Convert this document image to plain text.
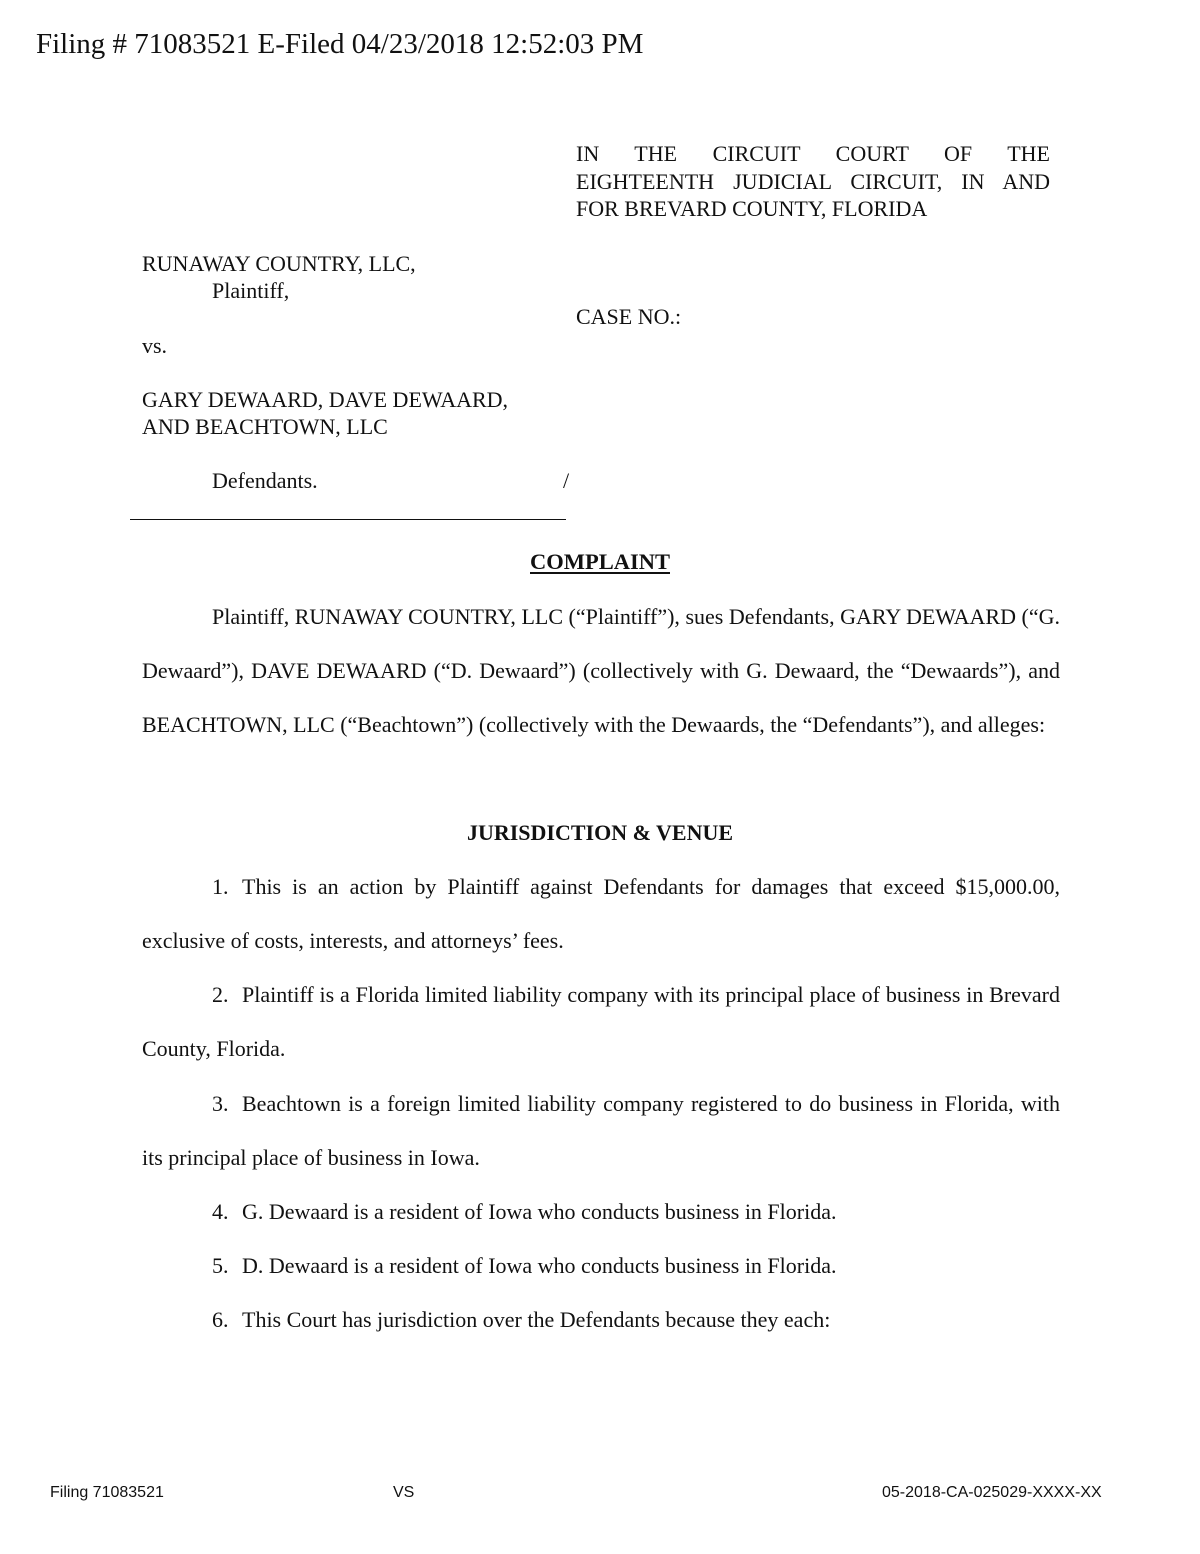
Filing # 71083521 E-Filed 04/23/2018 12:52:03 PM
IN THE CIRCUIT COURT OF THE
EIGHTEENTH JUDICIAL CIRCUIT, IN AND
FOR BREVARD COUNTY, FLORIDA
RUNAWAY COUNTRY, LLC,
Plaintiff,
CASE NO.:
vs.
GARY DEWAARD, DAVE DEWAARD,
AND BEACHTOWN, LLC
Defendants.	/
COMPLAINT
Plaintiff, RUNAWAY COUNTRY, LLC (“Plaintiff”), sues Defendants, GARY DEWAARD (“G. Dewaard”), DAVE DEWAARD (“D. Dewaard”) (collectively with G. Dewaard, the “Dewaards”), and BEACHTOWN, LLC (“Beachtown”) (collectively with the Dewaards, the “Defendants”), and alleges:
JURISDICTION & VENUE
1. This is an action by Plaintiff against Defendants for damages that exceed $15,000.00, exclusive of costs, interests, and attorneys’ fees.
2. Plaintiff is a Florida limited liability company with its principal place of business in Brevard County, Florida.
3. Beachtown is a foreign limited liability company registered to do business in Florida, with its principal place of business in Iowa.
4. G. Dewaard is a resident of Iowa who conducts business in Florida.
5. D. Dewaard is a resident of Iowa who conducts business in Florida.
6. This Court has jurisdiction over the Defendants because they each:
Filing 71083521	VS	05-2018-CA-025029-XXXX-XX
